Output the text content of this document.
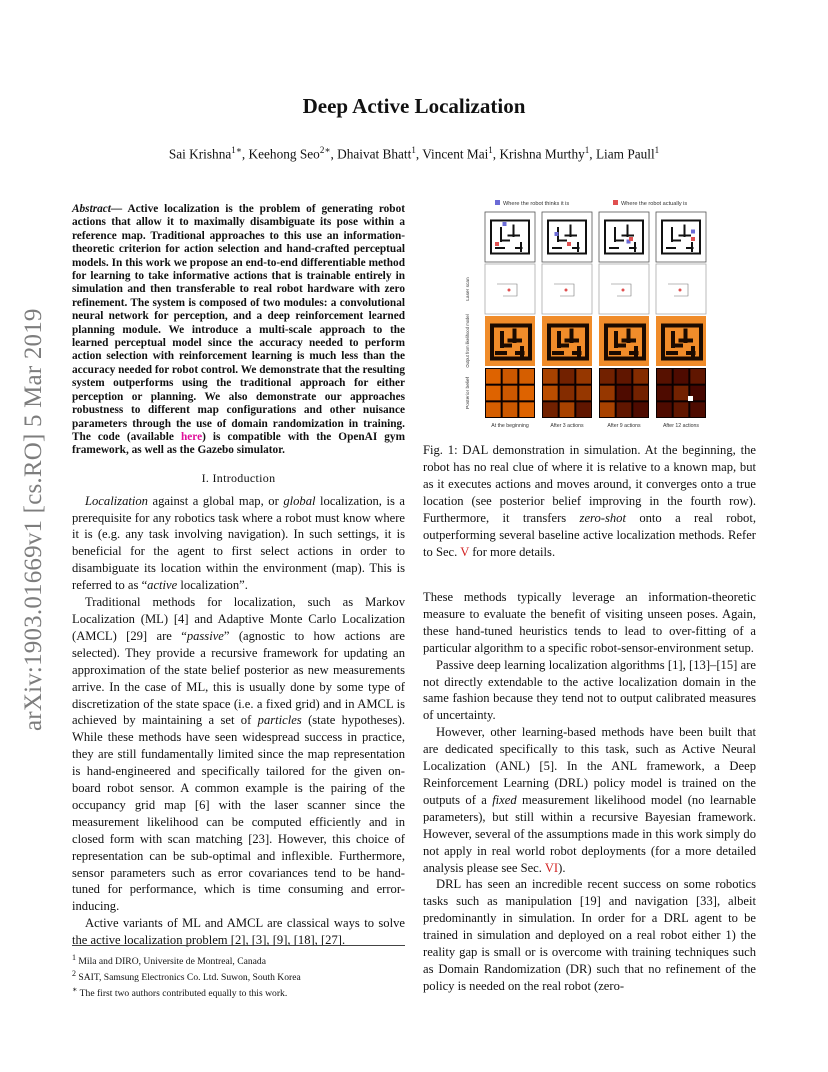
arXiv:1903.01669v1 [cs.RO] 5 Mar 2019
Deep Active Localization
Sai Krishna$^{1∗}$, Keehong Seo$^{2∗}$, Dhaivat Bhatt$^1$, Vincent Mai$^1$, Krishna Murthy$^1$, Liam Paull$^1$
Abstract— Active localization is the problem of generating robot actions that allow it to maximally disambiguate its pose within a reference map. Traditional approaches to this use an information-theoretic criterion for action selection and hand-crafted perceptual models. In this work we propose an end-to-end differentiable method for learning to take informative actions that is trainable entirely in simulation and then transferable to real robot hardware with zero refinement. The system is composed of two modules: a convolutional neural network for perception, and a deep reinforcement learned planning module. We introduce a multi-scale approach to the learned perceptual model since the accuracy needed to perform action selection with reinforcement learning is much less than the accuracy needed for robot control. We demonstrate that the resulting system outperforms using the traditional approach for either perception or planning. We also demonstrate our approaches robustness to different map configurations and other nuisance parameters through the use of domain randomization in training. The code (available here) is compatible with the OpenAI gym framework, as well as the Gazebo simulator.
I. Introduction

Localization against a global map, or global localization, is a prerequisite for any robotics task where a robot must know where it is (e.g. any task involving navigation). In such settings, it is beneficial for the agent to first select actions in order to disambiguate its location within the environment (map). This is referred to as “active localization”.

Traditional methods for localization, such as Markov Localization (ML) [4] and Adaptive Monte Carlo Localization (AMCL) [29] are “passive” (agnostic to how actions are selected). They provide a recursive framework for updating an approximation of the state belief posterior as new measurements arrive. In the case of ML, this is usually done by some type of discretization of the state space (i.e. a fixed grid) and in AMCL is achieved by maintaining a set of particles (state hypotheses). While these methods have seen widespread success in practice, they are still fundamentally limited since the map representation is hand-engineered and specifically tailored for the given on-board robot sensor. A common example is the pairing of the occupancy grid map [6] with the laser scanner since the measurement likelihood can be computed efficiently and in closed form with scan matching [23]. However, this choice of representation can be sub-optimal and inflexible. Furthermore, sensor parameters such as error covariances tend to be hand-tuned for performance, which is time consuming and error-inducing.

Active variants of ML and AMCL are classical ways to solve the active localization problem [2], [3], [9], [18], [27].

$^1$ Mila and DIRO, Universite de Montreal, Canada
$^2$ SAIT, Samsung Electronics Co. Ltd. Suwon, South Korea
∗ The first two authors contributed equally to this work.
Where the robot thinks it is	Where the robot actually is
Laser scan
Output from likelihood model
Posterior belief
At the beginning	After 3 actions	After 9 actions	After 12 actions
Fig. 1: DAL demonstration in simulation. At the beginning, the robot has no real clue of where it is relative to a known map, but as it executes actions and moves around, it converges onto a true location (see posterior belief improving in the fourth row). Furthermore, it transfers zero-shot onto a real robot, outperforming several baseline active localization methods. Refer to Sec. V for more details.

These methods typically leverage an information-theoretic measure to evaluate the benefit of visiting unseen poses. Again, these hand-tuned heuristics tends to lead to over-fitting of a particular algorithm to a specific robot-sensor-environment setup.

Passive deep learning localization algorithms [1], [13]–[15] are not directly extendable to the active localization domain in the same fashion because they tend not to output calibrated measures of uncertainty.

However, other learning-based methods have been built that are dedicated specifically to this task, such as Active Neural Localization (ANL) [5]. In the ANL framework, a Deep Reinforcement Learning (DRL) policy model is trained on the outputs of a fixed measurement likelihood model (no learnable parameters), but still within a recursive Bayesian framework. However, several of the assumptions made in this work simply do not apply in real world robot deployments (for a more detailed analysis please see Sec. VI).

DRL has seen an incredible recent success on some robotics tasks such as manipulation [19] and navigation [33], albeit predominantly in simulation. In order for a DRL agent to be trained in simulation and deployed on a real robot either 1) the reality gap is small or is overcome with training techniques such as Domain Randomization (DR) such that no refinement of the policy is needed on the real robot (zero-
